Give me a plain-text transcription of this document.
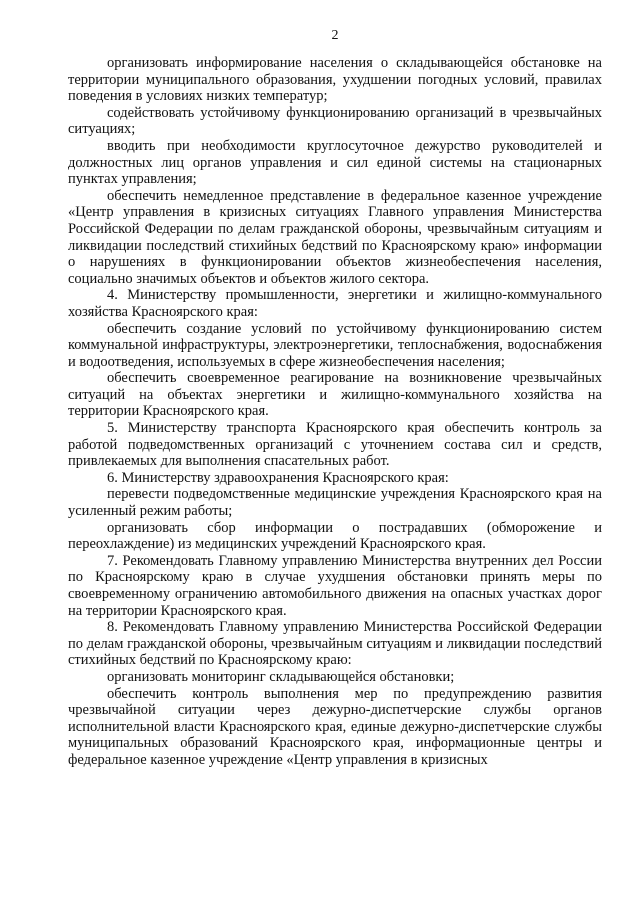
2

организовать информирование населения о складывающейся обстановке на территории муниципального образования, ухудшении погодных условий, правилах поведения в условиях низких температур;

содействовать устойчивому функционированию организаций в чрезвычайных ситуациях;

вводить при необходимости круглосуточное дежурство руководителей и должностных лиц органов управления и сил единой системы на стационарных пунктах управления;

обеспечить немедленное представление в федеральное казенное учреждение «Центр управления в кризисных ситуациях Главного управления Министерства Российской Федерации по делам гражданской обороны, чрезвычайным ситуациям и ликвидации последствий стихийных бедствий по Красноярскому краю» информации о нарушениях в функционировании объектов жизнеобеспечения населения, социально значимых объектов и объектов жилого сектора.

4. Министерству промышленности, энергетики и жилищно-коммунального хозяйства Красноярского края:

обеспечить создание условий по устойчивому функционированию систем коммунальной инфраструктуры, электроэнергетики, теплоснабжения, водоснабжения и водоотведения, используемых в сфере жизнеобеспечения населения;

обеспечить своевременное реагирование на возникновение чрезвычайных ситуаций на объектах энергетики и жилищно-коммунального хозяйства на территории Красноярского края.

5. Министерству транспорта Красноярского края обеспечить контроль за работой подведомственных организаций с уточнением состава сил и средств, привлекаемых для выполнения спасательных работ.

6. Министерству здравоохранения Красноярского края:

перевести подведомственные медицинские учреждения Красноярского края на усиленный режим работы;

организовать сбор информации о пострадавших (обморожение и переохлаждение) из медицинских учреждений Красноярского края.

7. Рекомендовать Главному управлению Министерства внутренних дел России по Красноярскому краю в случае ухудшения обстановки принять меры по своевременному ограничению автомобильного движения на опасных участках дорог на территории Красноярского края.

8. Рекомендовать Главному управлению Министерства Российской Федерации по делам гражданской обороны, чрезвычайным ситуациям и ликвидации последствий стихийных бедствий по Красноярскому краю:

организовать мониторинг складывающейся обстановки;

обеспечить контроль выполнения мер по предупреждению развития чрезвычайной ситуации через дежурно-диспетчерские службы органов исполнительной власти Красноярского края, единые дежурно-диспетчерские службы муниципальных образований Красноярского края, информационные центры и федеральное казенное учреждение «Центр управления в кризисных
